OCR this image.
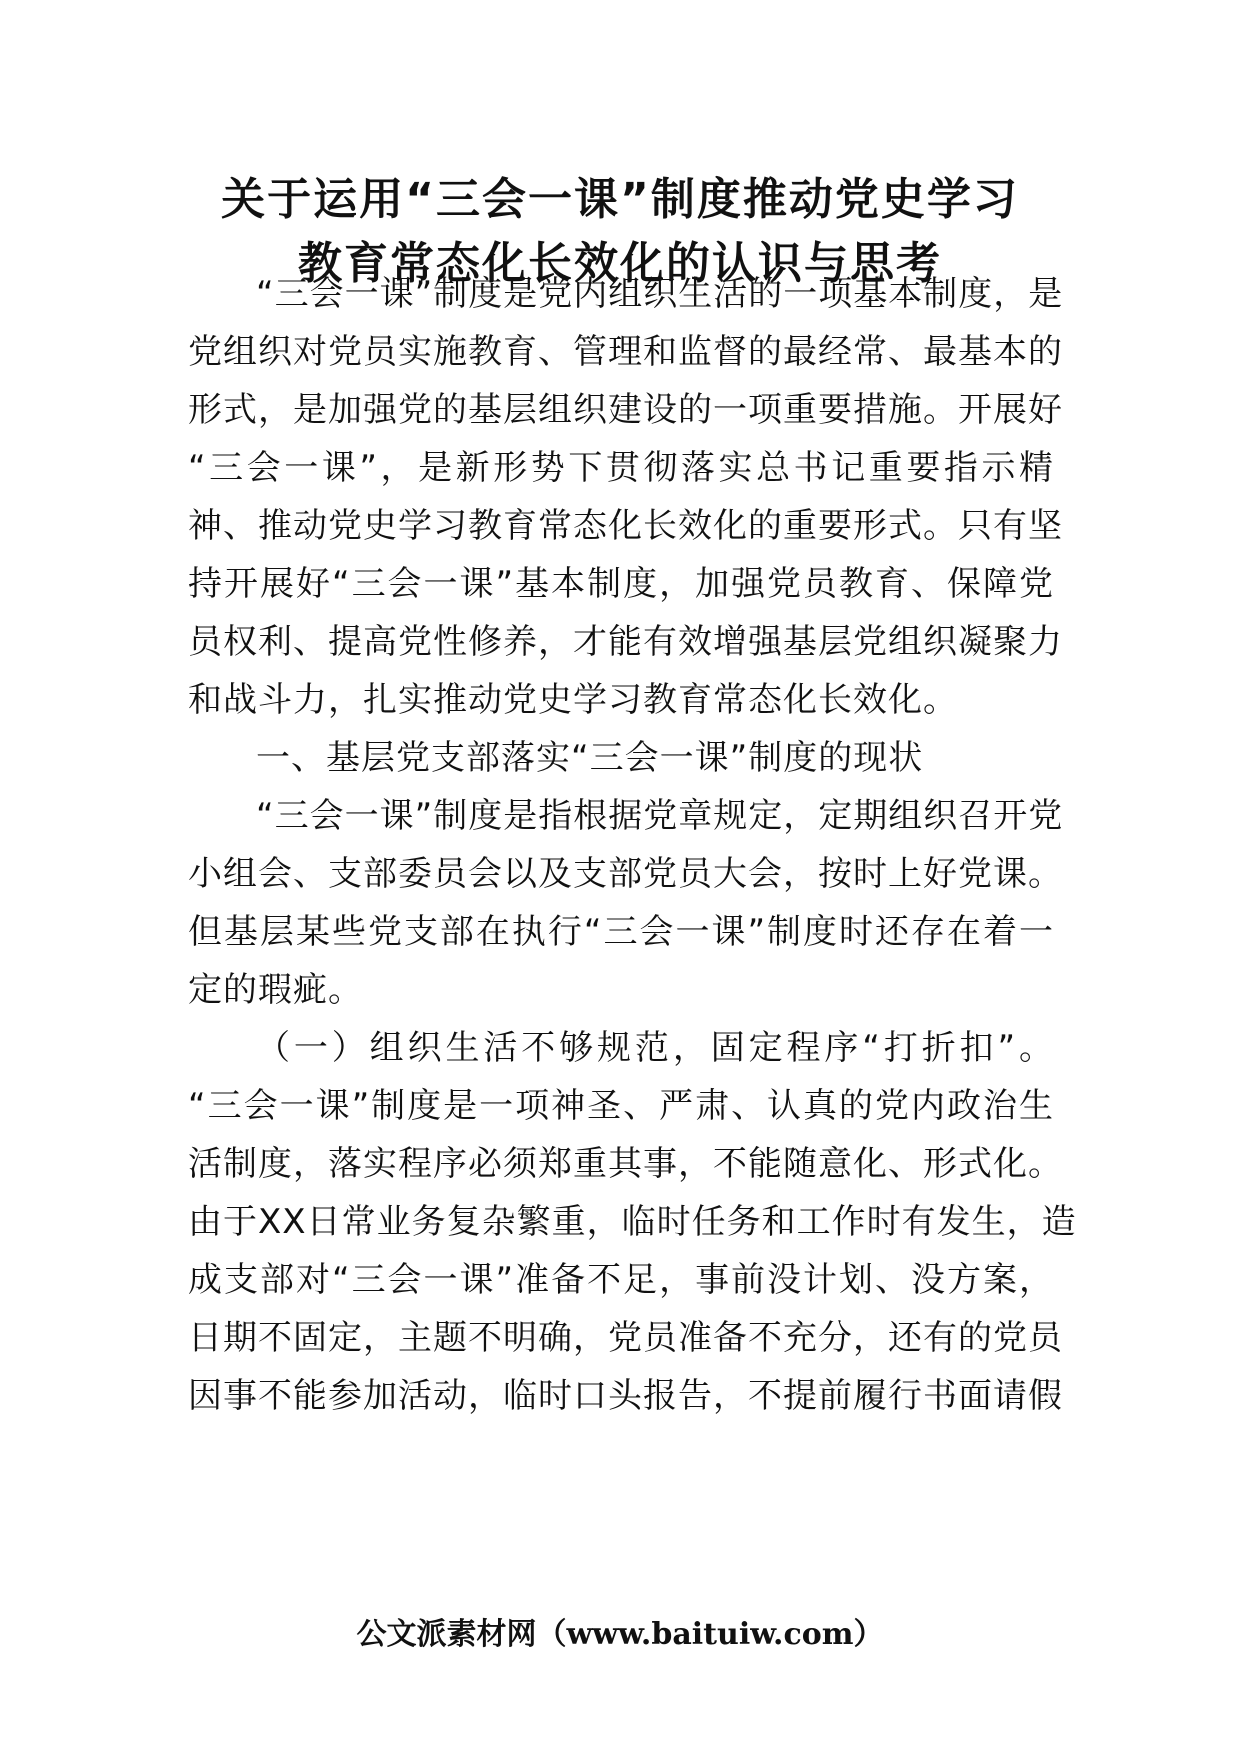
关于运用“三会一课”制度推动党史学习
教育常态化长效化的认识与思考
“三会一课”制度是党内组织生活的一项基本制度，是
党组织对党员实施教育、管理和监督的最经常、最基本的
形式，是加强党的基层组织建设的一项重要措施。开展好
“三会一课”，是新形势下贯彻落实总书记重要指示精
神、推动党史学习教育常态化长效化的重要形式。只有坚
持开展好“三会一课”基本制度，加强党员教育、保障党
员权利、提高党性修养，才能有效增强基层党组织凝聚力
和战斗力，扎实推动党史学习教育常态化长效化。
一、基层党支部落实“三会一课”制度的现状
“三会一课”制度是指根据党章规定，定期组织召开党
小组会、支部委员会以及支部党员大会，按时上好党课。
但基层某些党支部在执行“三会一课”制度时还存在着一
定的瑕疵。
（一）组织生活不够规范，固定程序“打折扣”。
“三会一课”制度是一项神圣、严肃、认真的党内政治生
活制度，落实程序必须郑重其事，不能随意化、形式化。
由于XX日常业务复杂繁重，临时任务和工作时有发生，造
成支部对“三会一课”准备不足，事前没计划、没方案，
日期不固定，主题不明确，党员准备不充分，还有的党员
因事不能参加活动，临时口头报告，不提前履行书面请假
公文派素材网（www.baituiw.com）
